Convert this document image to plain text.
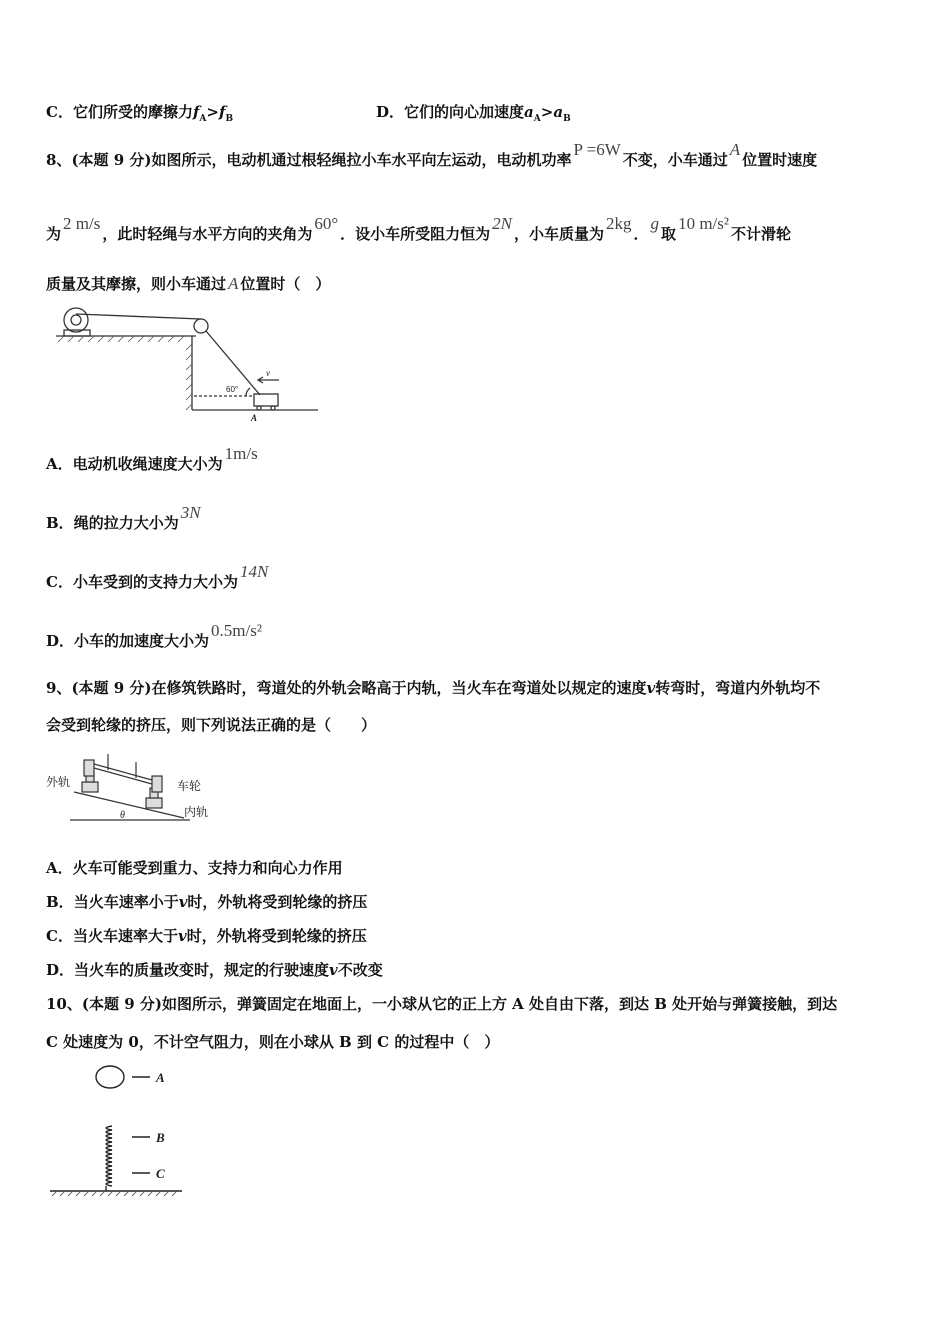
C．它们所受的摩擦力$f_A>f_B$	D．它们的向心加速度$a_A>a_B$
8、(本题 9 分)如图所示，电动机通过根轻绳拉小车水平向左运动，电动机功率P =6W不变，小车通过A位置时速度
为2 m/s，此时轻绳与水平方向的夹角为60°．设小车所受阻力恒为2N，小车质量为2kg．g取10 m/s²不计滑轮
质量及其摩擦，则小车通过 A 位置时（　）
60°
v
A
A．电动机收绳速度大小为1m/s
B．绳的拉力大小为3N
C．小车受到的支持力大小为14N
D．小车的加速度大小为0.5m/s²
9、(本题 9 分)在修筑铁路时，弯道处的外轨会略高于内轨，当火车在弯道处以规定的速度v转弯时，弯道内外轨均不
会受到轮缘的挤压，则下列说法正确的是（　　）
外轨	车轮
内轨
θ
A．火车可能受到重力、支持力和向心力作用
B．当火车速率小于v时，外轨将受到轮缘的挤压
C．当火车速率大于v时，外轨将受到轮缘的挤压
D．当火车的质量改变时，规定的行驶速度v不改变
10、(本题 9 分)如图所示，弹簧固定在地面上，一小球从它的正上方 A 处自由下落，到达 B 处开始与弹簧接触，到达
C 处速度为 0，不计空气阻力，则在小球从 B 到 C 的过程中（　）
A
B
C
